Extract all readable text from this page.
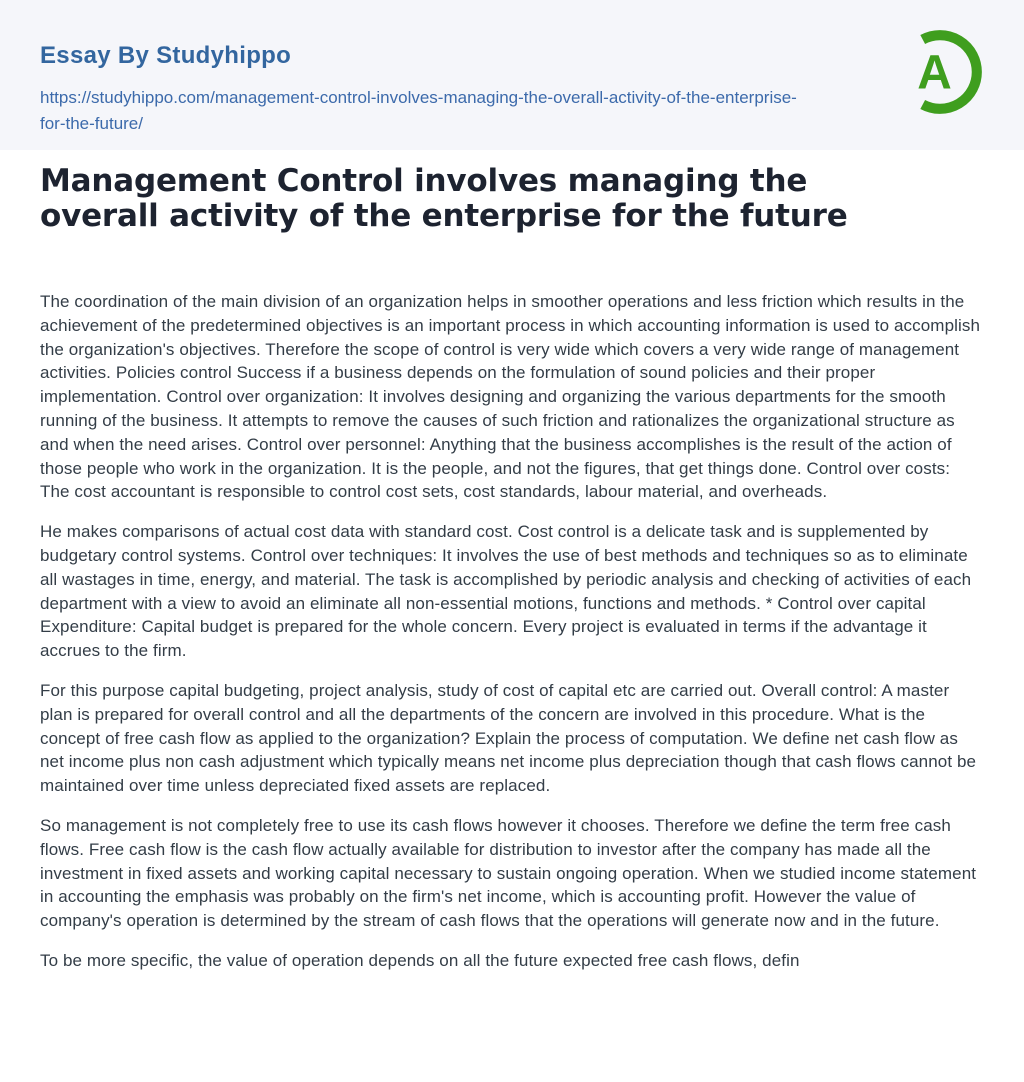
Essay By Studyhippo
https://studyhippo.com/management-control-involves-managing-the-overall-activity-of-the-enterprise-for-the-future/
A
Management Control involves managing the
overall activity of the enterprise for the future

The coordination of the main division of an organization helps in smoother operations and less friction which results in the achievement of the predetermined objectives is an important process in which accounting information is used to accomplish the organization's objectives. Therefore the scope of control is very wide which covers a very wide range of management activities. Policies control Success if a business depends on the formulation of sound policies and their proper implementation. Control over organization: It involves designing and organizing the various departments for the smooth running of the business. It attempts to remove the causes of such friction and rationalizes the organizational structure as and when the need arises. Control over personnel: Anything that the business accomplishes is the result of the action of those people who work in the organization. It is the people, and not the figures, that get things done. Control over costs: The cost accountant is responsible to control cost sets, cost standards, labour material, and overheads.

He makes comparisons of actual cost data with standard cost. Cost control is a delicate task and is supplemented by budgetary control systems. Control over techniques: It involves the use of best methods and techniques so as to eliminate all wastages in time, energy, and material. The task is accomplished by periodic analysis and checking of activities of each department with a view to avoid an eliminate all non-essential motions, functions and methods. * Control over capital Expenditure: Capital budget is prepared for the whole concern. Every project is evaluated in terms if the advantage it accrues to the firm.

For this purpose capital budgeting, project analysis, study of cost of capital etc are carried out. Overall control: A master plan is prepared for overall control and all the departments of the concern are involved in this procedure. What is the concept of free cash flow as applied to the organization? Explain the process of computation. We define net cash flow as net income plus non cash adjustment which typically means net income plus depreciation though that cash flows cannot be maintained over time unless depreciated fixed assets are replaced.

So management is not completely free to use its cash flows however it chooses. Therefore we define the term free cash flows. Free cash flow is the cash flow actually available for distribution to investor after the company has made all the investment in fixed assets and working capital necessary to sustain ongoing operation. When we studied income statement in accounting the emphasis was probably on the firm's net income, which is accounting profit. However the value of company's operation is determined by the stream of cash flows that the operations will generate now and in the future.

To be more specific, the value of operation depends on all the future expected free cash flows, defin
